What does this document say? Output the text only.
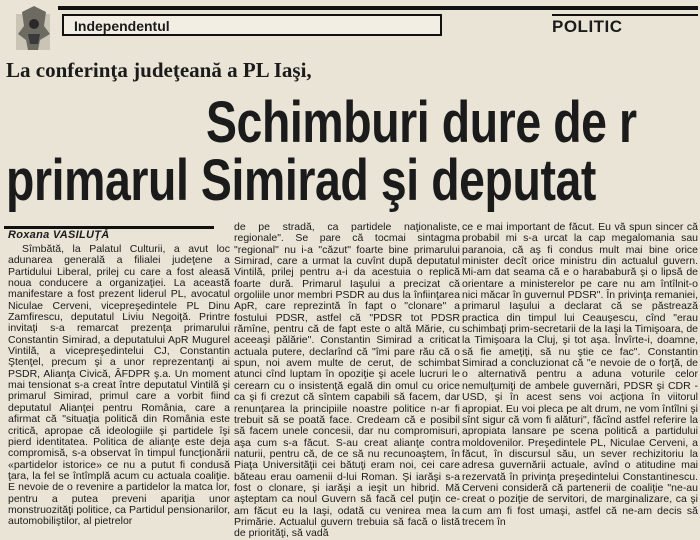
Independentul	POLITIC
La conferinţa judeţeană a PL Iaşi,
Schimburi dure de r
primarul Simirad şi deputat
Roxana VASILUŢĂ

Sîmbătă, la Palatul Culturii, a avut loc adunarea generală a filialei judeţene a Partidului Liberal, prilej cu care a fost aleasă noua conducere a organizaţiei. La această manifestare a fost prezent liderul PL, avocatul Niculae Cerveni, vicepreşedintele PL Dinu Zamfirescu, deputatul Liviu Negoiţă. Printre invitaţi s-a remarcat prezenţa primarului Constantin Simirad, a deputatului ApR Mugurel Vintilă, a vicepreşedintelui CJ, Constantin Ştenţel, precum şi a unor reprezentanţi ai PSDR, Alianţa Civică, ÂFDPR ş.a. Un moment mai tensionat s-a creat între deputatul Vintilă şi primarul Simirad, primul care a vorbit fiind deputatul Alianţei pentru România, care a afirmat că "situaţia politică din România este critică, apropae că ideologiile şi partidele îşi pierd identitatea. Politica de alianţe este deja compromisă, s-a observat în timpul funcţionării «partidelor istorice» ce nu a putut fi condusă ţara, la fel se întîmplă acum cu actuala coaliţie. E nevoie de o revenire a partidelor la matca lor, pentru a putea preveni apariţia unor monstruozităţi politice, ca Partidul pensionarilor, automobiliştilor, al pietrelor

de pe stradă, ca partidele naţionaliste, regionale". Se pare că tocmai sintagma "regional" nu i-a "căzut" foarte bine primarului Simirad, care a urmat la cuvînt după deputatul Vintilă, prilej pentru a-i da acestuia o replică foarte dură. Primarul Iaşului a precizat că orgoliile unor membri PSDR au dus la înfiinţarea ApR, care reprezintă în fapt o "clonare" a fostului PDSR, astfel că "PDSR tot PDSR rămîne, pentru că de fapt este o altă Mărie, cu aceeaşi pălărie". Constantin Simirad a criticat actuala putere, declarînd că "îmi pare rău că o spun, noi avem multe de cerut, de schimbat atunci cînd luptam în opoziţie şi acele lucruri le cerearn cu o insistenţă egală din omul cu orice ca şi fi crezut că sîntem capabili să facem, dar renunţarea la principiile noastre politice n-ar fi trebuit să se poată face. Credeam că e posibil să facem unele concesii, dar nu compromisuri, aşa cum s-a făcut. S-au creat alianţe contra naturii, pentru că, de ce să nu recunoaştem, în Piaţa Universităţii cei bătuţi eram noi, cei care băteau erau oamenii d-lui Roman. Şi iarăşi s-a fost o clonare, şi iarăşi a ieşit un hibrid. Mă aşteptam ca noul Guvern să facă cel puţin ce-am făcut eu la Iaşi, odată cu venirea mea la Primărie. Actualul guvern trebuia să facă o listă de priorităţi, să vadă

ce e mai important de făcut. Eu vă spun sincer că probabil mi s-a urcat la cap megalomania sau paranoia, că aş fi condus mult mai bine orice minister decît orice ministru din actualul guvern. Mi-am dat seama că e o harababură şi o lipsă de orientare a ministerelor pe care nu am întîlnit-o nici măcar în guvernul PDSR". În privinţa remaniei, primarul Iaşului a declarat că se păstrează practica din timpul lui Ceauşescu, cînd "erau schimbaţi prim-secretarii de la Iaşi la Timişoara, de la Timişoara la Cluj, şi tot aşa. Învîrte-i, doamne, să fie ameţiţi, să nu ştie ce fac". Constantin Simirad a concluzionat că "e nevoie de o forţă, de o alternativă pentru a aduna voturile celor nemulţumiţi de ambele guvernări, PDSR şi CDR - USD, şi în acest sens voi acţiona în viitorul apropiat. Eu voi pleca pe alt drum, ne vom întîlni şi sînt sigur că vom fi alături", făcînd astfel referire la apropiata lansare pe scena politică a partidului moldovenilor. Preşedintele PL, Niculae Cerveni, a făcut, în discursul său, un sever rechizitoriu la adresa guvernării actuale, avînd o atitudine mai rezervată în privinţa preşedintelui Constantinescu. Cerveni consideră că partenerii de coaliţie "ne-au creat o poziţie de servitori, de marginalizare, ca şi cum am fi fost umaşi, astfel că ne-am decis să trecem în
